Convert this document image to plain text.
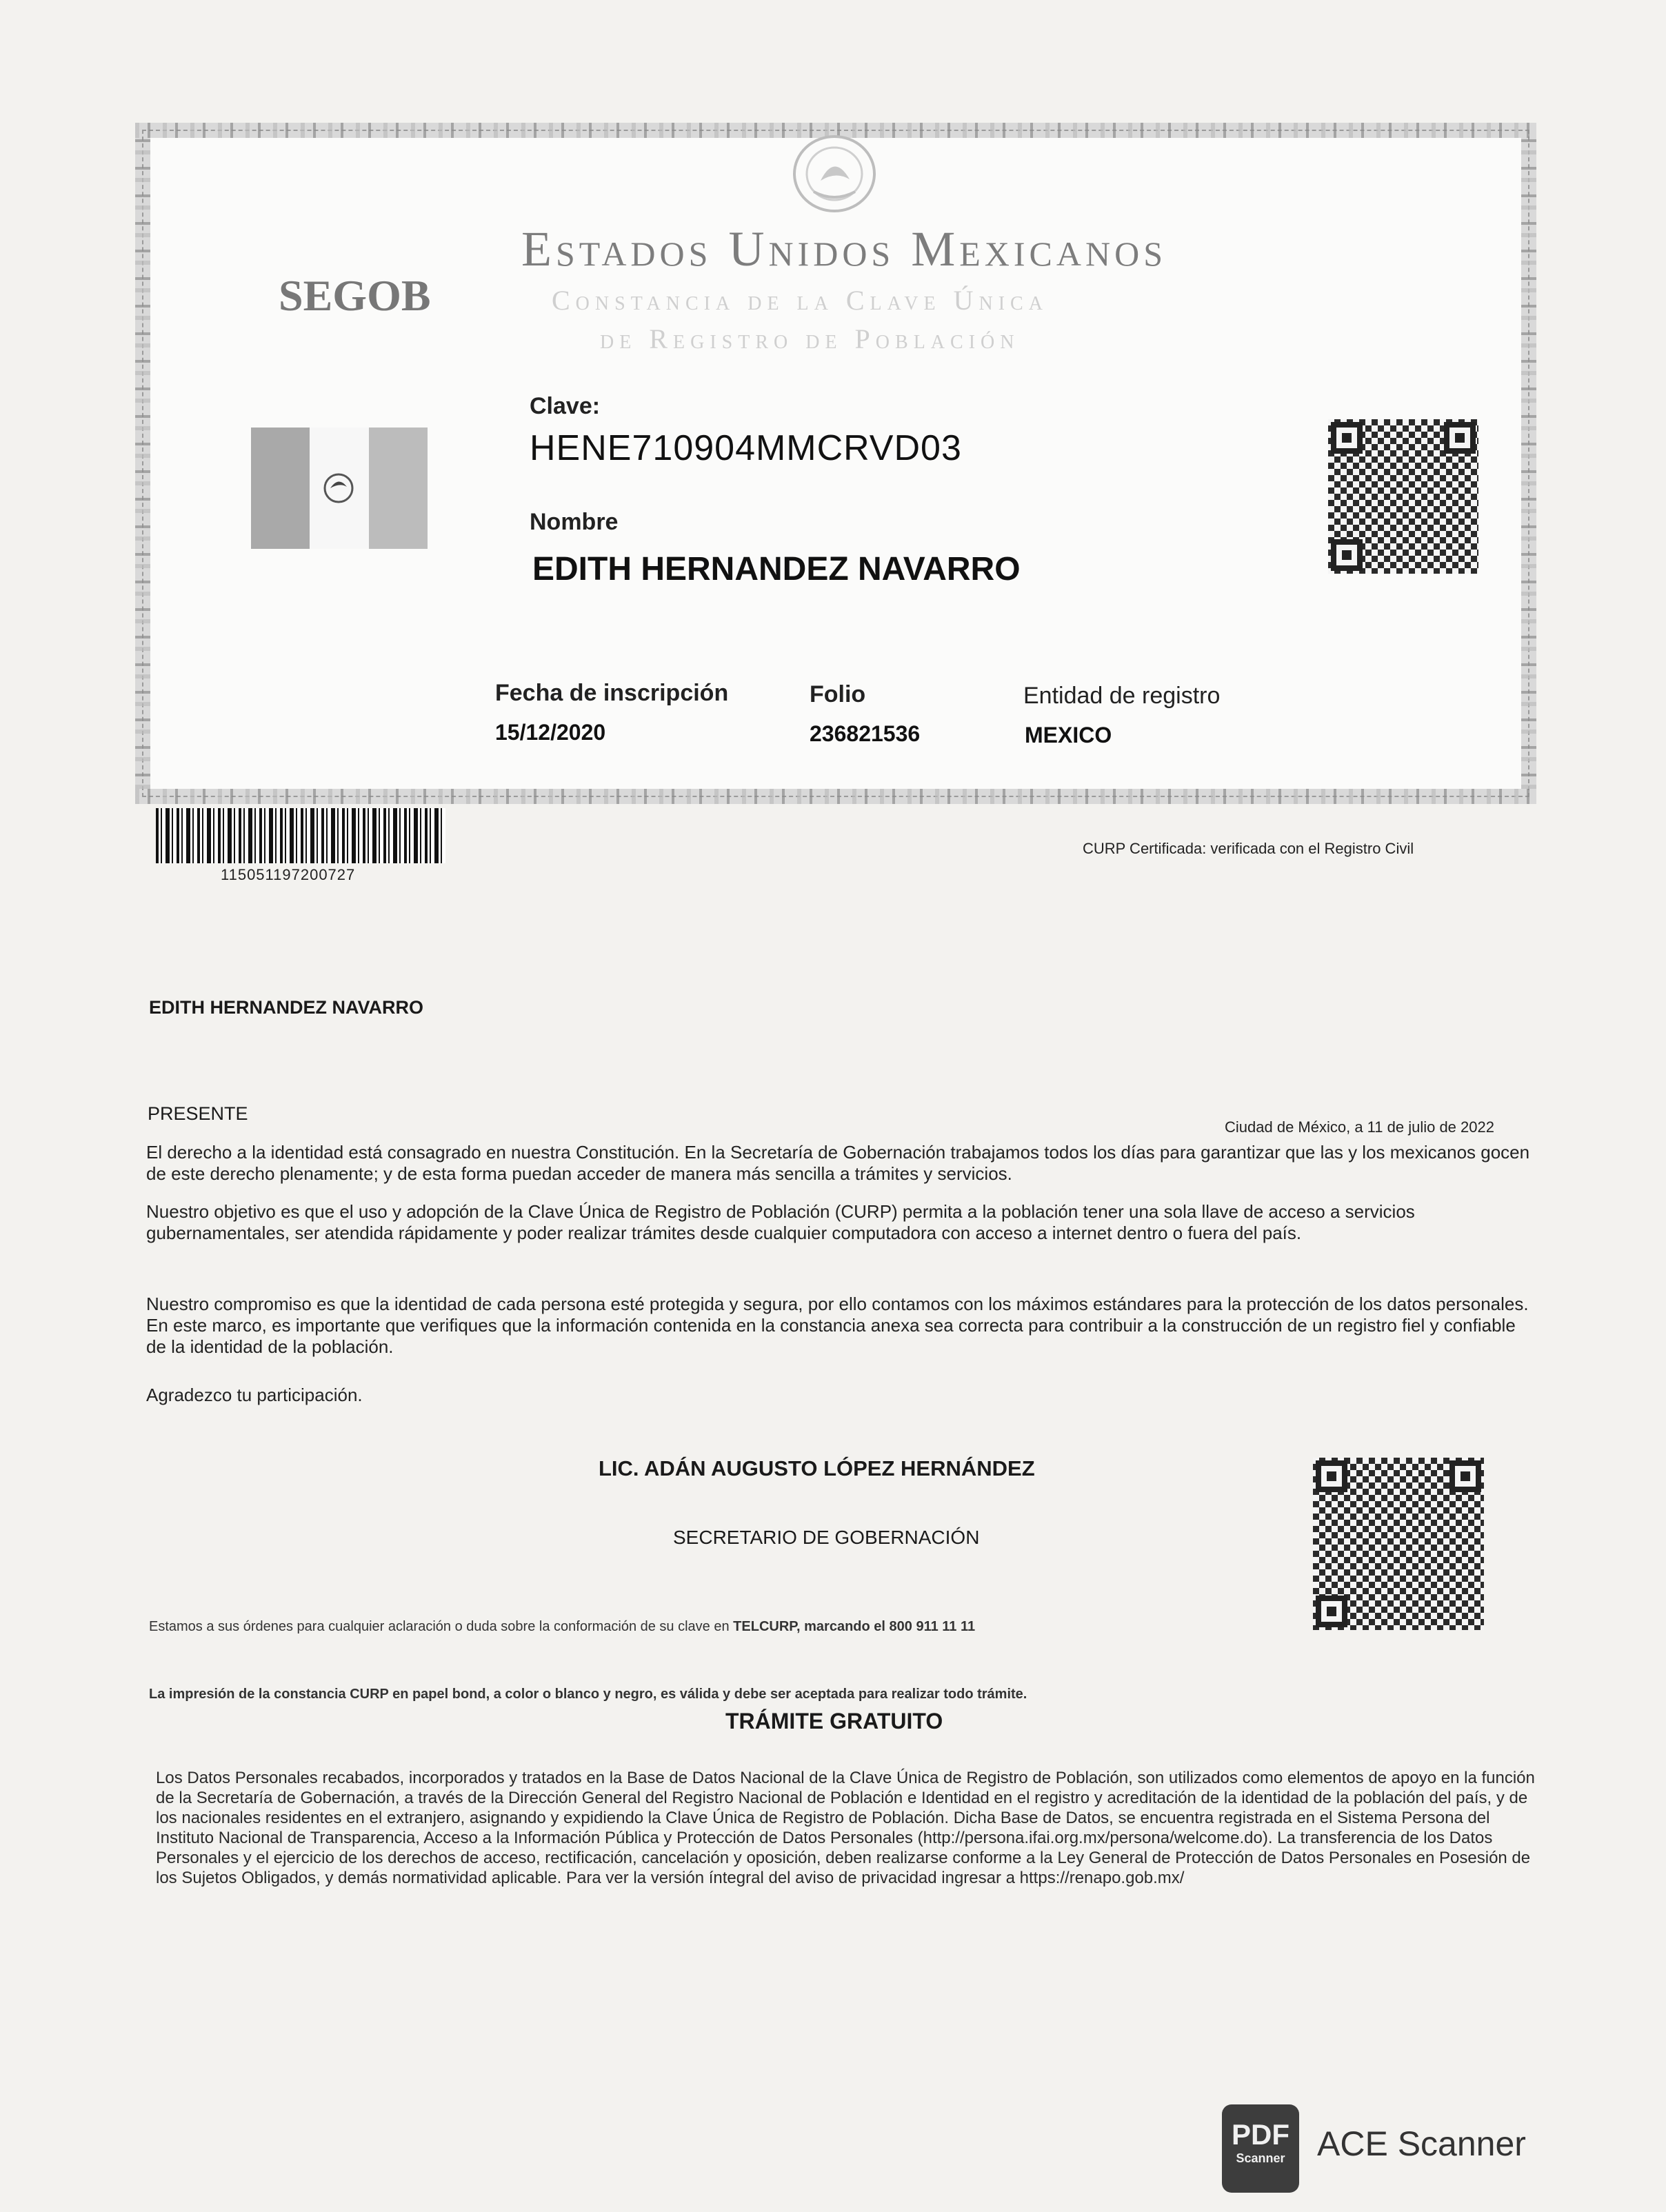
SEGOB
Estados Unidos Mexicanos
Constancia de la Clave Única
de Registro de Población
Clave:
HENE710904MMCRVD03
Nombre
EDITH HERNANDEZ NAVARRO
Fecha de inscripción
15/12/2020
Folio
236821536
Entidad de registro
MEXICO
115051197200727
CURP Certificada: verificada con el Registro Civil
EDITH HERNANDEZ NAVARRO
PRESENTE
Ciudad de México, a 11 de julio de 2022
El derecho a la identidad está consagrado en nuestra Constitución. En la Secretaría de Gobernación trabajamos todos los días para garantizar que las y los mexicanos gocen de este derecho plenamente; y de esta forma puedan acceder de manera más sencilla a trámites y servicios.
Nuestro objetivo es que el uso y adopción de la Clave Única de Registro de Población (CURP) permita a la población tener una sola llave de acceso a servicios gubernamentales, ser atendida rápidamente y poder realizar trámites desde cualquier computadora con acceso a internet dentro o fuera del país.
Nuestro compromiso es que la identidad de cada persona esté protegida y segura, por ello contamos con los máximos estándares para la protección de los datos personales. En este marco, es importante que verifiques que la información contenida en la constancia anexa sea correcta para contribuir a la construcción de un registro fiel y confiable de la identidad de la población.
Agradezco tu participación.
LIC. ADÁN AUGUSTO LÓPEZ HERNÁNDEZ
SECRETARIO DE GOBERNACIÓN
Estamos a sus órdenes para cualquier aclaración o duda sobre la conformación de su clave en TELCURP, marcando el 800 911 11 11
La impresión de la constancia CURP en papel bond, a color o blanco y negro, es válida y debe ser aceptada para realizar todo trámite.
TRÁMITE GRATUITO
Los Datos Personales recabados, incorporados y tratados en la Base de Datos Nacional de la Clave Única de Registro de Población, son utilizados como elementos de apoyo en la función de la Secretaría de Gobernación, a través de la Dirección General del Registro Nacional de Población e Identidad en el registro y acreditación de la identidad de la población del país, y de los nacionales residentes en el extranjero, asignando y expidiendo la Clave Única de Registro de Población. Dicha Base de Datos, se encuentra registrada en el Sistema Persona del Instituto Nacional de Transparencia, Acceso a la Información Pública y Protección de Datos Personales (http://persona.ifai.org.mx/persona/welcome.do). La transferencia de los Datos Personales y el ejercicio de los derechos de acceso, rectificación, cancelación y oposición, deben realizarse conforme a la Ley General de Protección de Datos Personales en Posesión de los Sujetos Obligados, y demás normatividad aplicable. Para ver la versión íntegral del aviso de privacidad ingresar a https://renapo.gob.mx/
PDF
Scanner ACE Scanner
